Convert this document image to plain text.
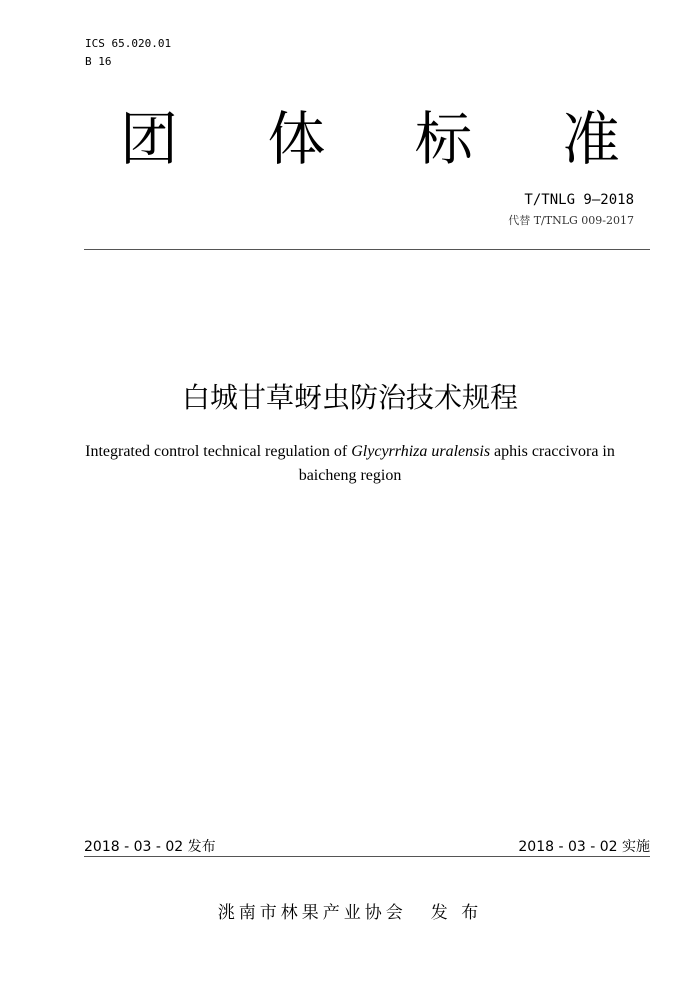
ICS 65.020.01
B 16
团 体 标 准
T/TNLG 9—2018
代替 T/TNLG 009-2017
白城甘草蚜虫防治技术规程
Integrated control technical regulation of Glycyrrhiza uralensis aphis craccivora in baicheng region
2018 - 03 - 02 发布	2018 - 03 - 02 实施
洮南市林果产业协会 发 布
